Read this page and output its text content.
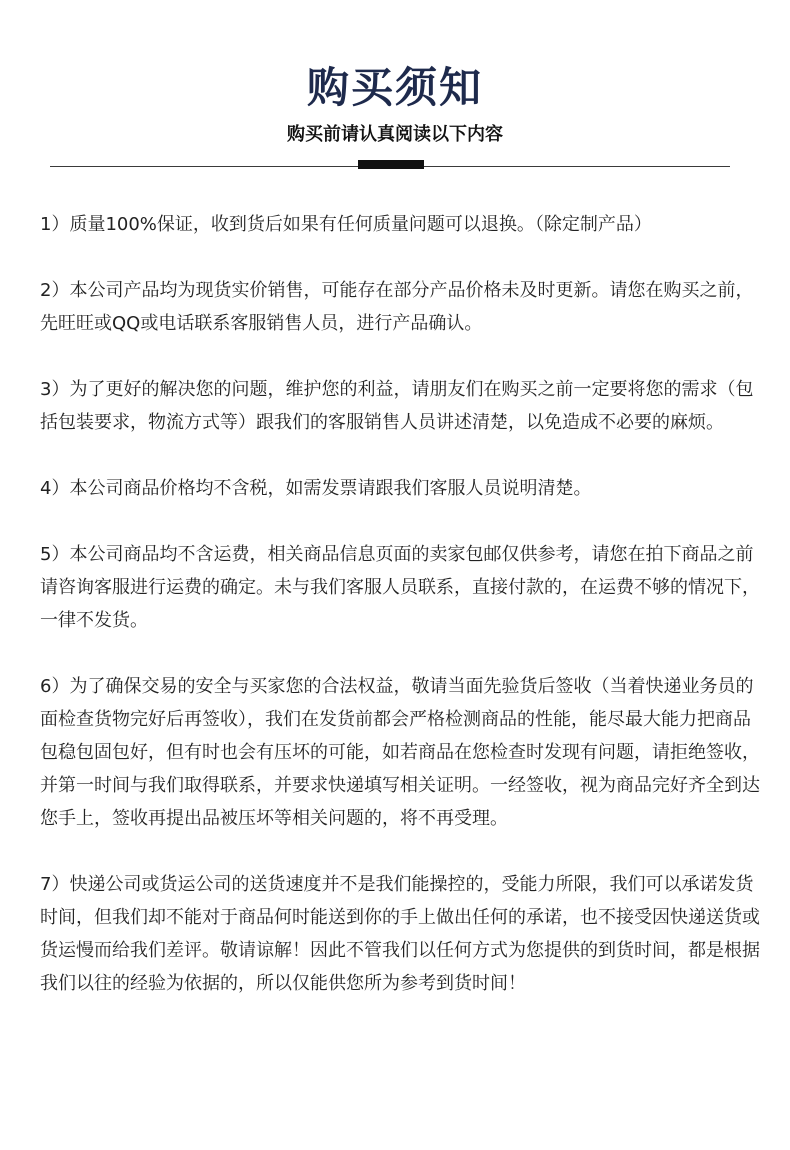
购买须知
购买前请认真阅读以下内容
1）质量100%保证，收到货后如果有任何质量问题可以退换。（除定制产品）
2）本公司产品均为现货实价销售，可能存在部分产品价格未及时更新。请您在购买之前，先旺旺或QQ或电话联系客服销售人员，进行产品确认。
3）为了更好的解决您的问题，维护您的利益，请朋友们在购买之前一定要将您的需求（包括包装要求，物流方式等）跟我们的客服销售人员讲述清楚，以免造成不必要的麻烦。
4）本公司商品价格均不含税，如需发票请跟我们客服人员说明清楚。
5）本公司商品均不含运费，相关商品信息页面的卖家包邮仅供参考，请您在拍下商品之前请咨询客服进行运费的确定。未与我们客服人员联系，直接付款的，在运费不够的情况下，一律不发货。
6）为了确保交易的安全与买家您的合法权益，敬请当面先验货后签收（当着快递业务员的面检查货物完好后再签收），我们在发货前都会严格检测商品的性能，能尽最大能力把商品包稳包固包好，但有时也会有压坏的可能，如若商品在您检查时发现有问题，请拒绝签收，并第一时间与我们取得联系，并要求快递填写相关证明。一经签收，视为商品完好齐全到达您手上，签收再提出品被压坏等相关问题的，将不再受理。
7）快递公司或货运公司的送货速度并不是我们能操控的，受能力所限，我们可以承诺发货时间，但我们却不能对于商品何时能送到你的手上做出任何的承诺，也不接受因快递送货或货运慢而给我们差评。敬请谅解！因此不管我们以任何方式为您提供的到货时间，都是根据我们以往的经验为依据的，所以仅能供您所为参考到货时间！
